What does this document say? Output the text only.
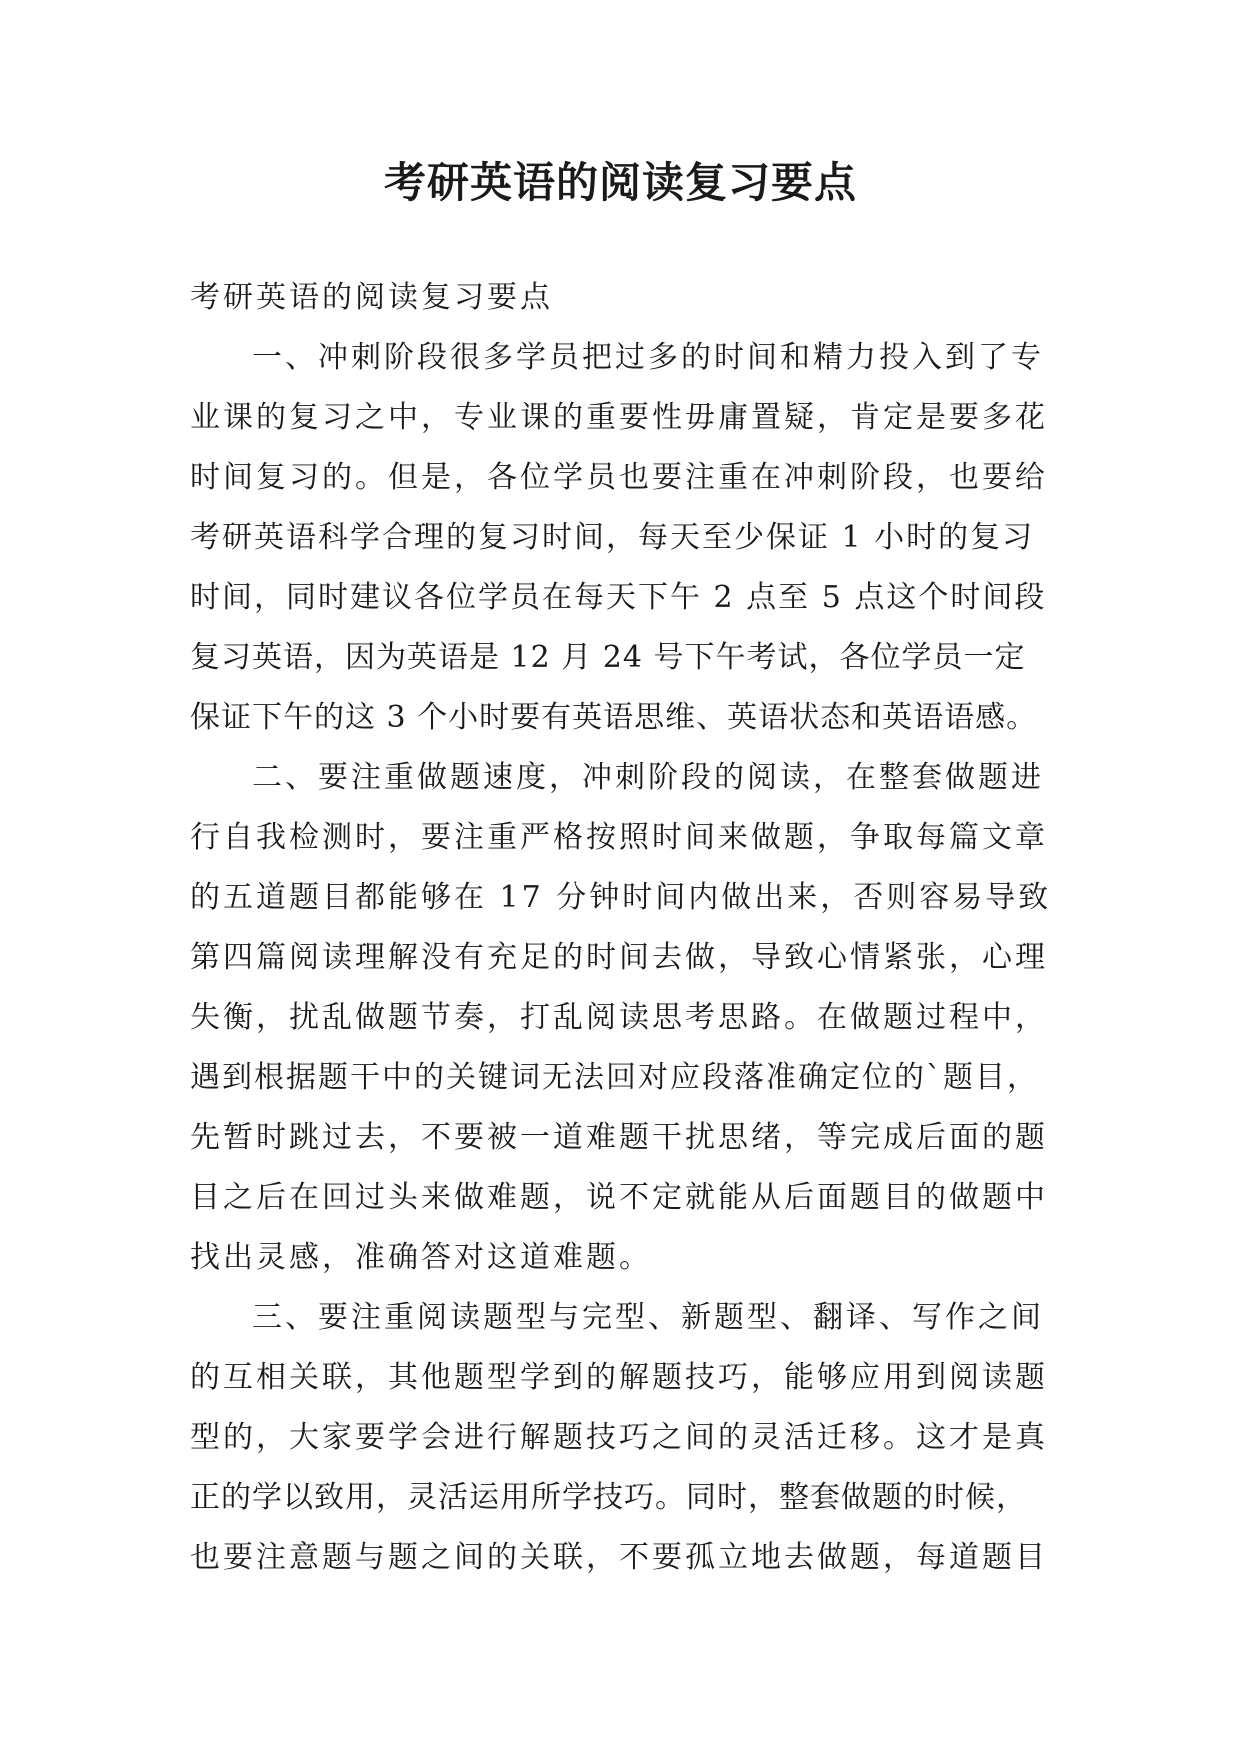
考研英语的阅读复习要点
考研英语的阅读复习要点
一、冲刺阶段很多学员把过多的时间和精力投入到了专
业课的复习之中，专业课的重要性毋庸置疑，肯定是要多花
时间复习的。但是，各位学员也要注重在冲刺阶段，也要给
考研英语科学合理的复习时间，每天至少保证 1 小时的复习
时间，同时建议各位学员在每天下午 2 点至 5 点这个时间段
复习英语，因为英语是 12 月 24 号下午考试，各位学员一定
保证下午的这 3 个小时要有英语思维、英语状态和英语语感。
二、要注重做题速度，冲刺阶段的阅读，在整套做题进
行自我检测时，要注重严格按照时间来做题，争取每篇文章
的五道题目都能够在 17 分钟时间内做出来，否则容易导致
第四篇阅读理解没有充足的时间去做，导致心情紧张，心理
失衡，扰乱做题节奏，打乱阅读思考思路。在做题过程中，
遇到根据题干中的关键词无法回对应段落准确定位的`题目，
先暂时跳过去，不要被一道难题干扰思绪，等完成后面的题
目之后在回过头来做难题，说不定就能从后面题目的做题中
找出灵感，准确答对这道难题。
三、要注重阅读题型与完型、新题型、翻译、写作之间
的互相关联，其他题型学到的解题技巧，能够应用到阅读题
型的，大家要学会进行解题技巧之间的灵活迁移。这才是真
正的学以致用，灵活运用所学技巧。同时，整套做题的时候，
也要注意题与题之间的关联，不要孤立地去做题，每道题目
